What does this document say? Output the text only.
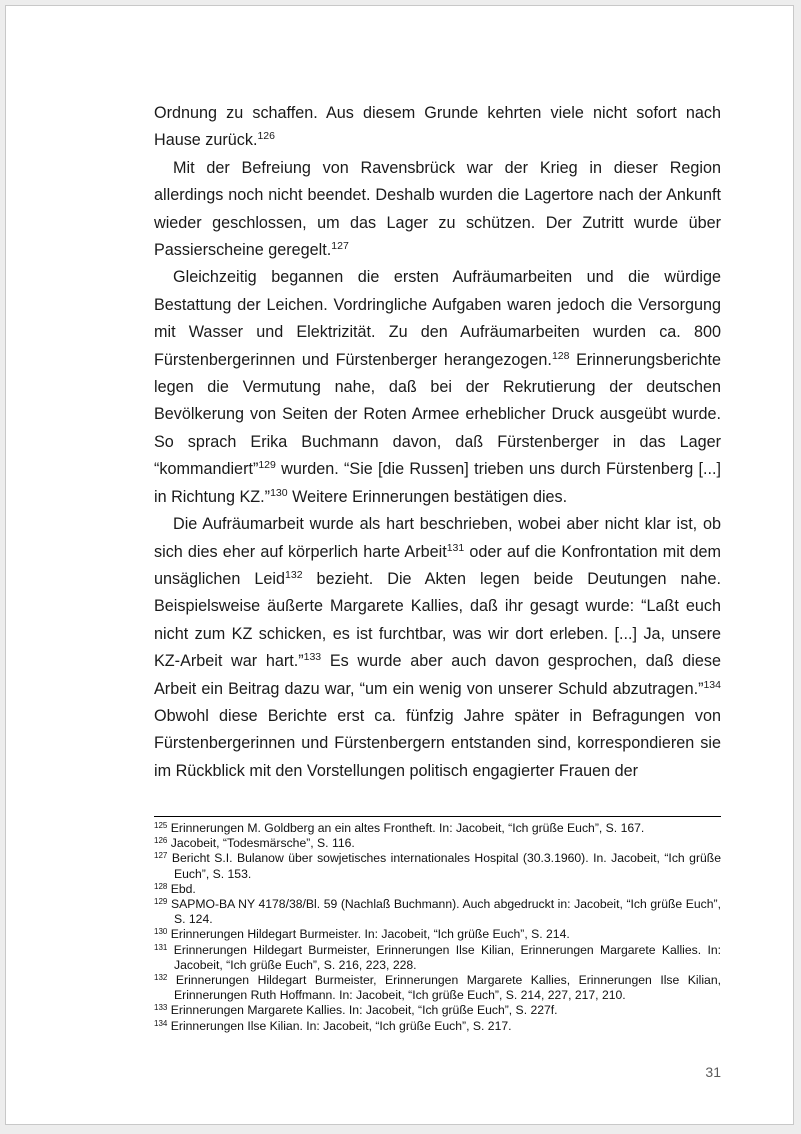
Ordnung zu schaffen. Aus diesem Grunde kehrten viele nicht sofort nach Hause zurück.$^{126}$

Mit der Befreiung von Ravensbrück war der Krieg in dieser Region allerdings noch nicht beendet. Deshalb wurden die Lagertore nach der Ankunft wieder geschlossen, um das Lager zu schützen. Der Zutritt wurde über Passierscheine geregelt.$^{127}$

Gleichzeitig begannen die ersten Aufräumarbeiten und die würdige Bestattung der Leichen. Vordringliche Aufgaben waren jedoch die Versorgung mit Wasser und Elektrizität. Zu den Aufräumarbeiten wurden ca. 800 Fürstenbergerinnen und Fürstenberger herangezogen.$^{128}$ Erinnerungsberichte legen die Vermutung nahe, daß bei der Rekrutierung der deutschen Bevölkerung von Seiten der Roten Armee erheblicher Druck ausgeübt wurde. So sprach Erika Buchmann davon, daß Fürstenberger in das Lager “kommandiert”$^{129}$ wurden. “Sie [die Russen] trieben uns durch Fürstenberg [...] in Richtung KZ.”$^{130}$ Weitere Erinnerungen bestätigen dies.

Die Aufräumarbeit wurde als hart beschrieben, wobei aber nicht klar ist, ob sich dies eher auf körperlich harte Arbeit$^{131}$ oder auf die Konfrontation mit dem unsäglichen Leid$^{132}$ bezieht. Die Akten legen beide Deutungen nahe. Beispielsweise äußerte Margarete Kallies, daß ihr gesagt wurde: “Laßt euch nicht zum KZ schicken, es ist furchtbar, was wir dort erleben. [...] Ja, unsere KZ-Arbeit war hart.”$^{133}$ Es wurde aber auch davon gesprochen, daß diese Arbeit ein Beitrag dazu war, “um ein wenig von unserer Schuld abzutragen.”$^{134}$ Obwohl diese Berichte erst ca. fünfzig Jahre später in Befragungen von Fürstenbergerinnen und Fürstenbergern entstanden sind, korrespondieren sie im Rückblick mit den Vorstellungen politisch engagierter Frauen der

$^{125}$ Erinnerungen M. Goldberg an ein altes Frontheft. In: Jacobeit, “Ich grüße Euch”, S. 167.
$^{126}$ Jacobeit, “Todesmärsche”, S. 116.
$^{127}$ Bericht S.I. Bulanow über sowjetisches internationales Hospital (30.3.1960). In. Jacobeit, “Ich grüße Euch”, S. 153.
$^{128}$ Ebd.
$^{129}$ SAPMO-BA NY 4178/38/Bl. 59 (Nachlaß Buchmann). Auch abgedruckt in: Jacobeit, “Ich grüße Euch”, S. 124.
$^{130}$ Erinnerungen Hildegart Burmeister. In: Jacobeit, “Ich grüße Euch”, S. 214.
$^{131}$ Erinnerungen Hildegart Burmeister, Erinnerungen Ilse Kilian, Erinnerungen Margarete Kallies. In: Jacobeit, “Ich grüße Euch”, S. 216, 223, 228.
$^{132}$ Erinnerungen Hildegart Burmeister, Erinnerungen Margarete Kallies, Erinnerungen Ilse Kilian, Erinnerungen Ruth Hoffmann. In: Jacobeit, “Ich grüße Euch”, S. 214, 227, 217, 210.
$^{133}$ Erinnerungen Margarete Kallies. In: Jacobeit, “Ich grüße Euch”, S. 227f.
$^{134}$ Erinnerungen Ilse Kilian. In: Jacobeit, “Ich grüße Euch”, S. 217.
31
